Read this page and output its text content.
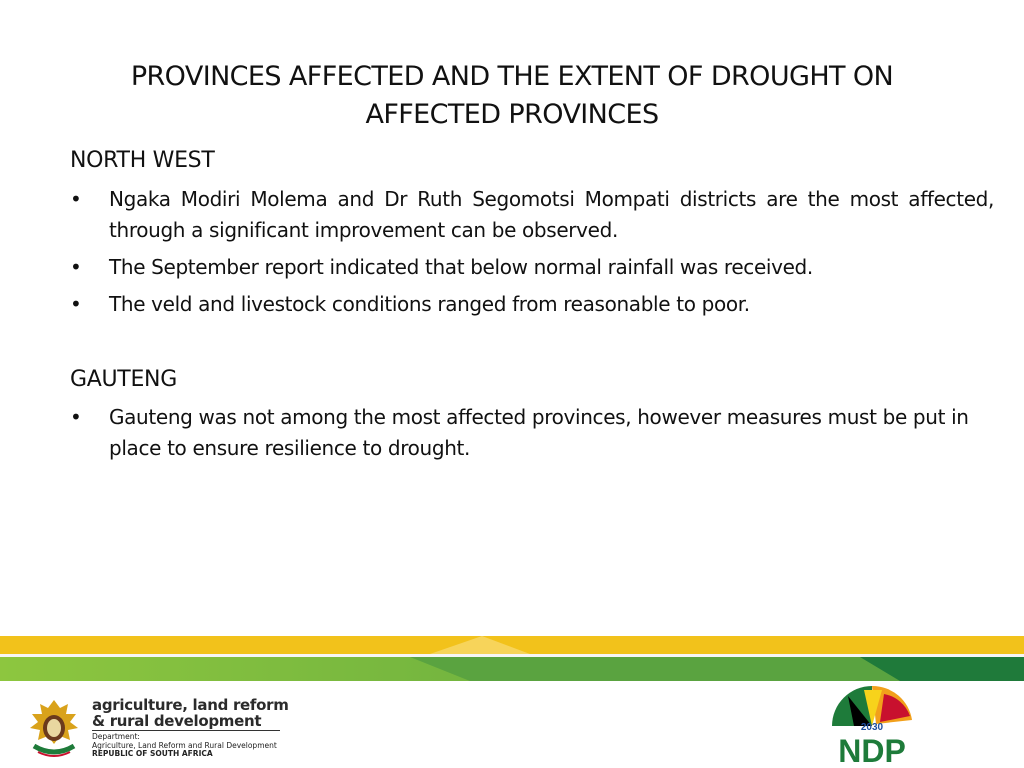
PROVINCES AFFECTED AND THE EXTENT OF DROUGHT ON AFFECTED PROVINCES
NORTH WEST
• Ngaka Modiri Molema and Dr Ruth Segomotsi Mompati districts are the most affected, through a significant improvement can be observed.
• The September report indicated that below normal rainfall was received.
• The veld and livestock conditions ranged from reasonable to poor.
GAUTENG
• Gauteng was not among the most affected provinces, however measures must be put in place to ensure resilience to drought.
agriculture, land reform
& rural development
Department:
Agriculture, Land Reform and Rural Development
REPUBLIC OF SOUTH AFRICA
2030
NDP
